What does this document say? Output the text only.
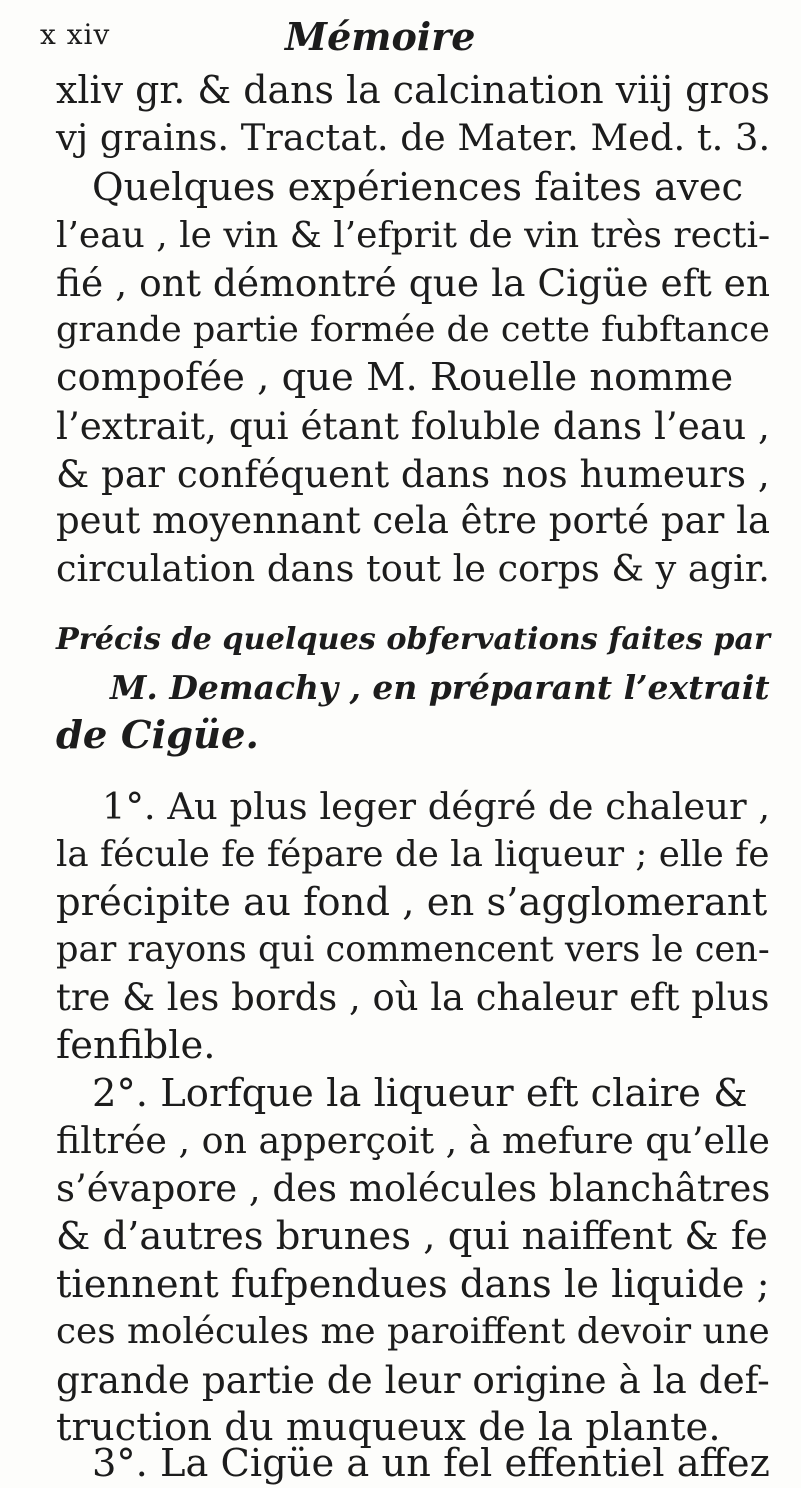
x xiv	Mémoire
xliv gr. & dans la calcination viij gros
vj grains. Tractat. de Mater. Med. t. 3.
Quelques expériences faites avec
l’eau , le vin & l’efprit de vin très recti-
fié , ont démontré que la Cigüe eft en
grande partie formée de cette fubftance
compofée , que M. Rouelle nomme
l’extrait, qui étant foluble dans l’eau ,
& par conféquent dans nos humeurs ,
peut moyennant cela être porté par la
circulation dans tout le corps & y agir.
Précis de quelques obfervations faites par
M. Demachy , en préparant l’extrait
de Cigüe.
1°. Au plus leger dégré de chaleur ,
la fécule fe fépare de la liqueur ; elle fe
précipite au fond , en s’agglomerant
par rayons qui commencent vers le cen-
tre & les bords , où la chaleur eft plus
fenfible.
2°. Lorfque la liqueur eft claire &
filtrée , on apperçoit , à mefure qu’elle
s’évapore , des molécules blanchâtres
& d’autres brunes , qui naiffent & fe
tiennent fufpendues dans le liquide ;
ces molécules me paroiffent devoir une
grande partie de leur origine à la def-
truction du muqueux de la plante.
3°. La Cigüe a un fel effentiel affez
